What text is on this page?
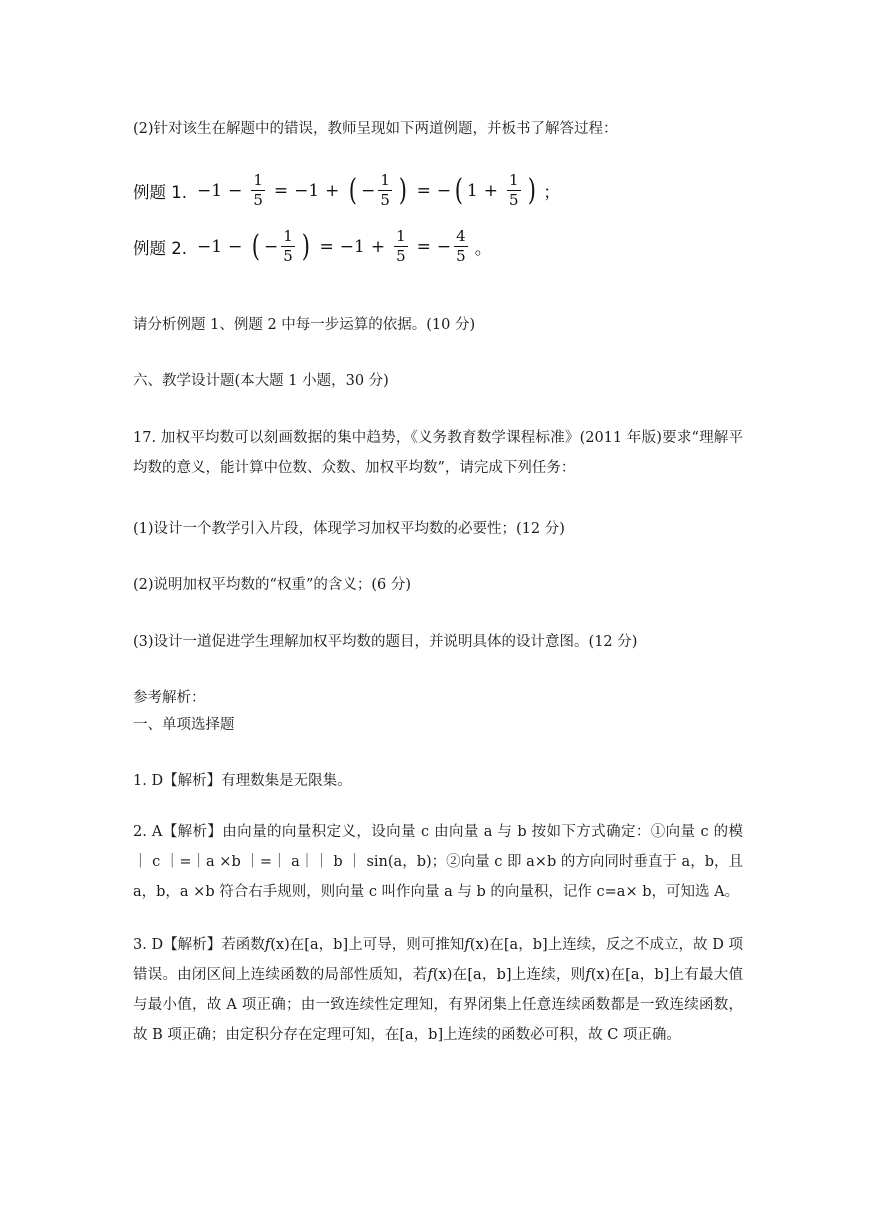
(2)针对该生在解题中的错误，教师呈现如下两道例题，并板书了解答过程：
例题 1. $-1 - \frac{1}{5} = -1$ + ( − $\frac{1}{5}$ ) = − ( $1 + \frac{1}{5}$ ) ；
例题 2. −1 − ( − $\frac{1}{5}$ ) = $-1 + \frac{1}{5}$ = − $\frac{4}{5}$ 。
请分析例题 1、例题 2 中每一步运算的依据。(10 分)
六、教学设计题(本大题 1 小题，30 分)
17. 加权平均数可以刻画数据的集中趋势，《义务教育数学课程标准》(2011 年版)要求“理解平均数的意义，能计算中位数、众数、加权平均数”，请完成下列任务：
(1)设计一个教学引入片段，体现学习加权平均数的必要性；(12 分)
(2)说明加权平均数的“权重”的含义；(6 分)
(3)设计一道促进学生理解加权平均数的题目，并说明具体的设计意图。(12 分)
参考解析：
一、单项选择题
1. D【解析】有理数集是无限集。
2. A【解析】由向量的向量积定义，设向量 c 由向量 a 与 b 按如下方式确定：①向量 c 的模 ｜ c ｜=｜a ×b ｜=｜ a｜｜ b ｜ sin(a，b)；②向量 c 即 a×b 的方向同时垂直于 a，b，且 a，b，a ×b 符合右手规则，则向量 c 叫作向量 a 与 b 的向量积，记作 c=a× b，可知选 A。
3. D【解析】若函数𝑓(x)在[a，b]上可导，则可推知𝑓(x)在[a，b]上连续，反之不成立，故 D 项错误。由闭区间上连续函数的局部性质知，若𝑓(x)在[a，b]上连续，则𝑓(x)在[a，b]上有最大值与最小值，故 A 项正确；由一致连续性定理知，有界闭集上任意连续函数都是一致连续函数，故 B 项正确；由定积分存在定理可知，在[a，b]上连续的函数必可积，故 C 项正确。
